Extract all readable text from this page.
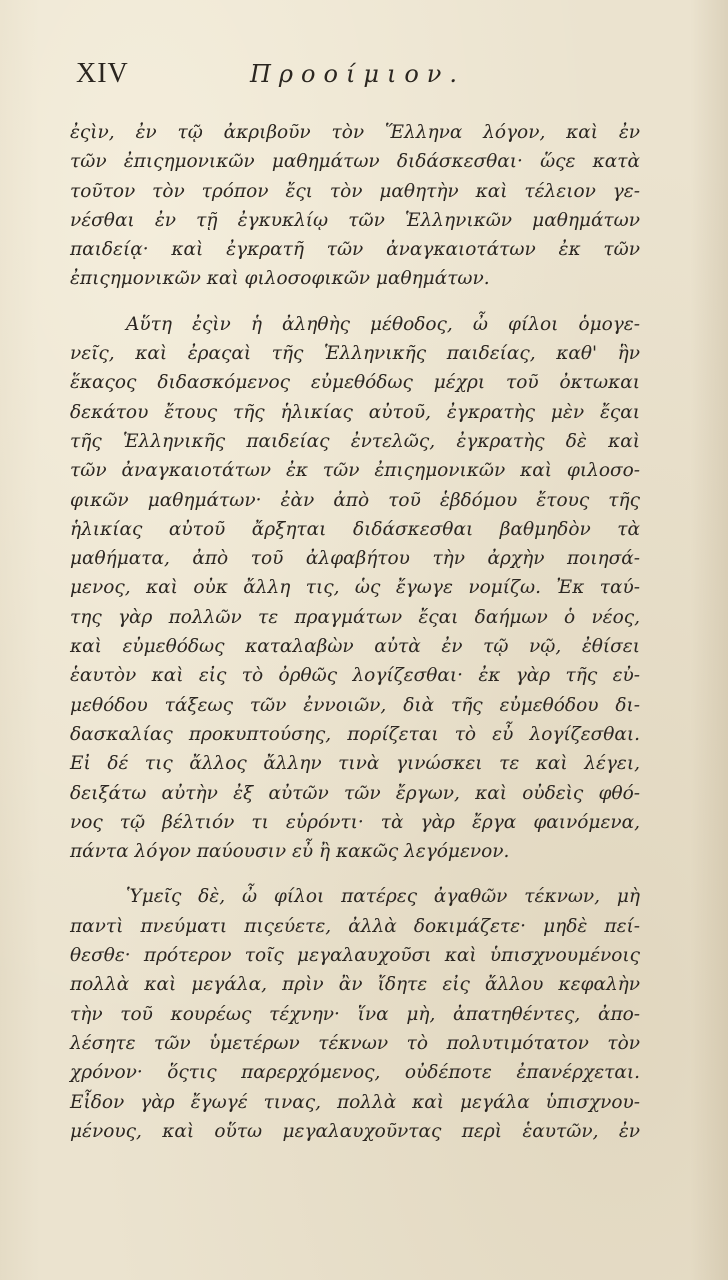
XIV	Προοίμιον.
ἐςὶν, ἐν τῷ ἀκριβοῦν τὸν Ἕλληνα λόγον, καὶ ἐν
τῶν ἐπιςημονικῶν μαθημάτων διδάσκεσθαι· ὥςε κατὰ
τοῦτον τὸν τρόπον ἔςι τὸν μαθητὴν καὶ τέλειον γε-
νέσθαι ἐν τῇ ἐγκυκλίῳ τῶν Ἑλληνικῶν μαθημάτων
παιδείᾳ· καὶ ἐγκρατῆ τῶν ἀναγκαιοτάτων ἐκ τῶν
ἐπιςημονικῶν καὶ φιλοσοφικῶν μαθημάτων.
Αὕτη ἐςὶν ἡ ἀληθὴς μέθοδος, ὦ φίλοι ὁμογε-
νεῖς, καὶ ἐραςαὶ τῆς Ἑλληνικῆς παιδείας, καθ' ἣν
ἕκαςος διδασκόμενος εὐμεθόδως μέχρι τοῦ ὀκτωκαι
δεκάτου ἔτους τῆς ἡλικίας αὐτοῦ, ἐγκρατὴς μὲν ἔςαι
τῆς Ἑλληνικῆς παιδείας ἐντελῶς, ἐγκρατὴς δὲ καὶ
τῶν ἀναγκαιοτάτων ἐκ τῶν ἐπιςημονικῶν καὶ φιλοσο-
φικῶν μαθημάτων· ἐὰν ἀπὸ τοῦ ἑβδόμου ἔτους τῆς
ἡλικίας αὐτοῦ ἄρξηται διδάσκεσθαι βαθμηδὸν τὰ
μαθήματα, ἀπὸ τοῦ ἀλφαβήτου τὴν ἀρχὴν ποιησά-
μενος, καὶ οὐκ ἄλλη τις, ὡς ἔγωγε νομίζω. Ἐκ ταύ-
της γὰρ πολλῶν τε πραγμάτων ἔςαι δαήμων ὁ νέος,
καὶ εὐμεθόδως καταλαβὼν αὐτὰ ἐν τῷ νῷ, ἐθίσει
ἑαυτὸν καὶ εἰς τὸ ὀρθῶς λογίζεσθαι· ἐκ γὰρ τῆς εὐ-
μεθόδου τάξεως τῶν ἐννοιῶν, διὰ τῆς εὐμεθόδου δι-
δασκαλίας προκυπτούσης, πορίζεται τὸ εὖ λογίζεσθαι.
Εἰ δέ τις ἄλλος ἄλλην τινὰ γινώσκει τε καὶ λέγει,
δειξάτω αὐτὴν ἐξ αὐτῶν τῶν ἔργων, καὶ οὐδεὶς φθό-
νος τῷ βέλτιόν τι εὑρόντι· τὰ γὰρ ἔργα φαινόμενα,
πάντα λόγον παύουσιν εὖ ἢ κακῶς λεγόμενον.
Ὑμεῖς δὲ, ὦ φίλοι πατέρες ἀγαθῶν τέκνων, μὴ
παντὶ πνεύματι πιςεύετε, ἀλλὰ δοκιμάζετε· μηδὲ πεί-
θεσθε· πρότερον τοῖς μεγαλαυχοῦσι καὶ ὑπισχνουμένοις
πολλὰ καὶ μεγάλα, πρὶν ἂν ἴδητε εἰς ἄλλου κεφαλὴν
τὴν τοῦ κουρέως τέχνην· ἵνα μὴ, ἀπατηθέντες, ἀπο-
λέσητε τῶν ὑμετέρων τέκνων τὸ πολυτιμότατον τὸν
χρόνον· ὅςτις παρερχόμενος, οὐδέποτε ἐπανέρχεται.
Εἶδον γὰρ ἔγωγέ τινας, πολλὰ καὶ μεγάλα ὑπισχνου-
μένους, καὶ οὕτω μεγαλαυχοῦντας περὶ ἑαυτῶν, ἐν
